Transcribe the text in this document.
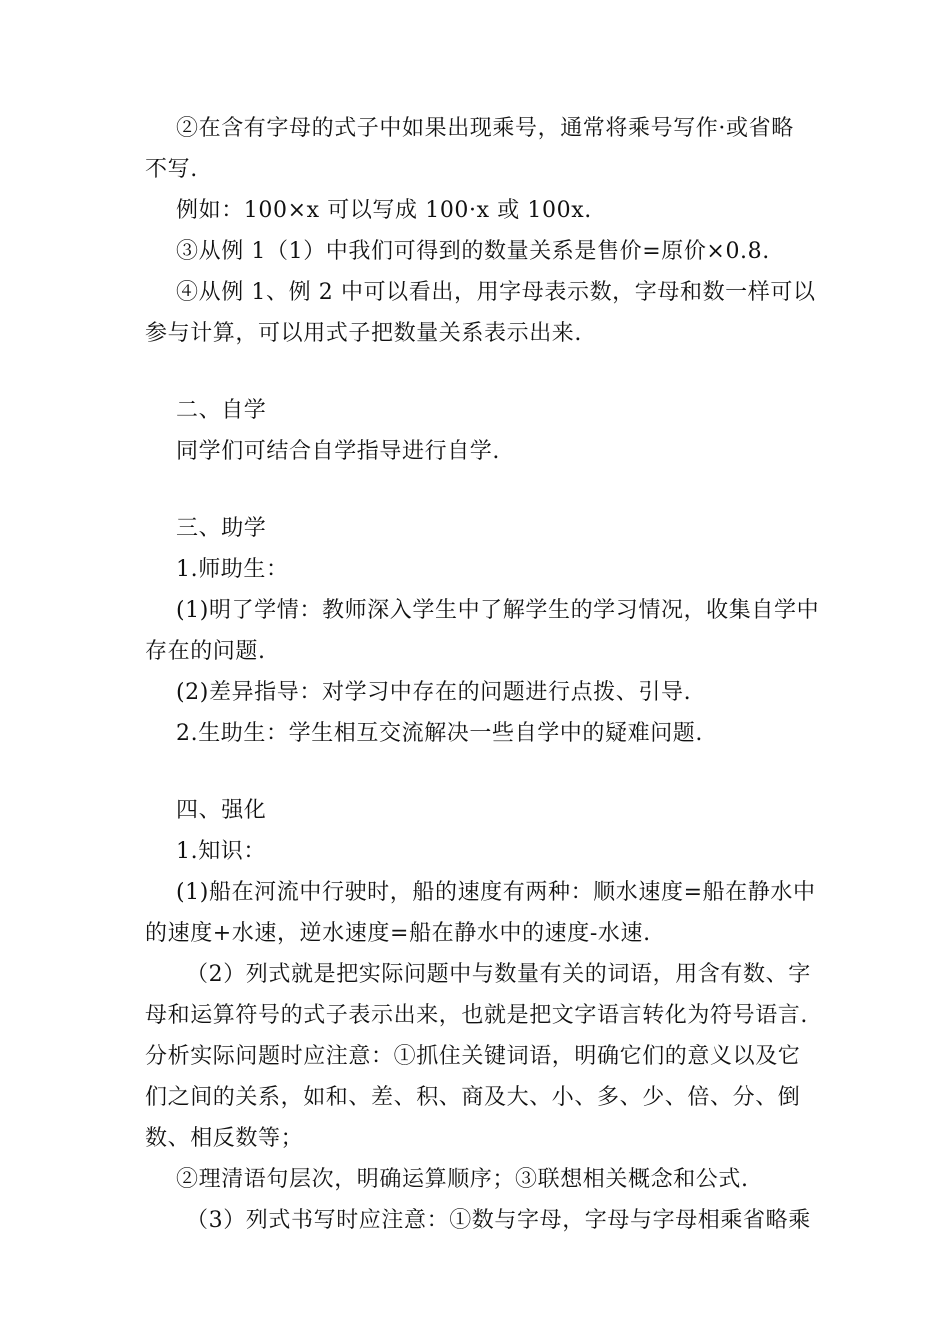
②在含有字母的式子中如果出现乘号，通常将乘号写作·或省略
不写.
例如：100×x 可以写成 100·x 或 100x.
③从例 1（1）中我们可得到的数量关系是售价=原价×0.8.
④从例 1、例 2 中可以看出，用字母表示数，字母和数一样可以
参与计算，可以用式子把数量关系表示出来.
二、自学
同学们可结合自学指导进行自学.
三、助学
1.师助生：
(1)明了学情：教师深入学生中了解学生的学习情况，收集自学中
存在的问题.
(2)差异指导：对学习中存在的问题进行点拨、引导.
2.生助生：学生相互交流解决一些自学中的疑难问题.
四、强化
1.知识：
(1)船在河流中行驶时，船的速度有两种：顺水速度=船在静水中
的速度+水速，逆水速度=船在静水中的速度-水速.
（2）列式就是把实际问题中与数量有关的词语，用含有数、字
母和运算符号的式子表示出来，也就是把文字语言转化为符号语言.
分析实际问题时应注意：①抓住关键词语，明确它们的意义以及它
们之间的关系，如和、差、积、商及大、小、多、少、倍、分、倒
数、相反数等；
②理清语句层次，明确运算顺序；③联想相关概念和公式.
（3）列式书写时应注意：①数与字母，字母与字母相乘省略乘
